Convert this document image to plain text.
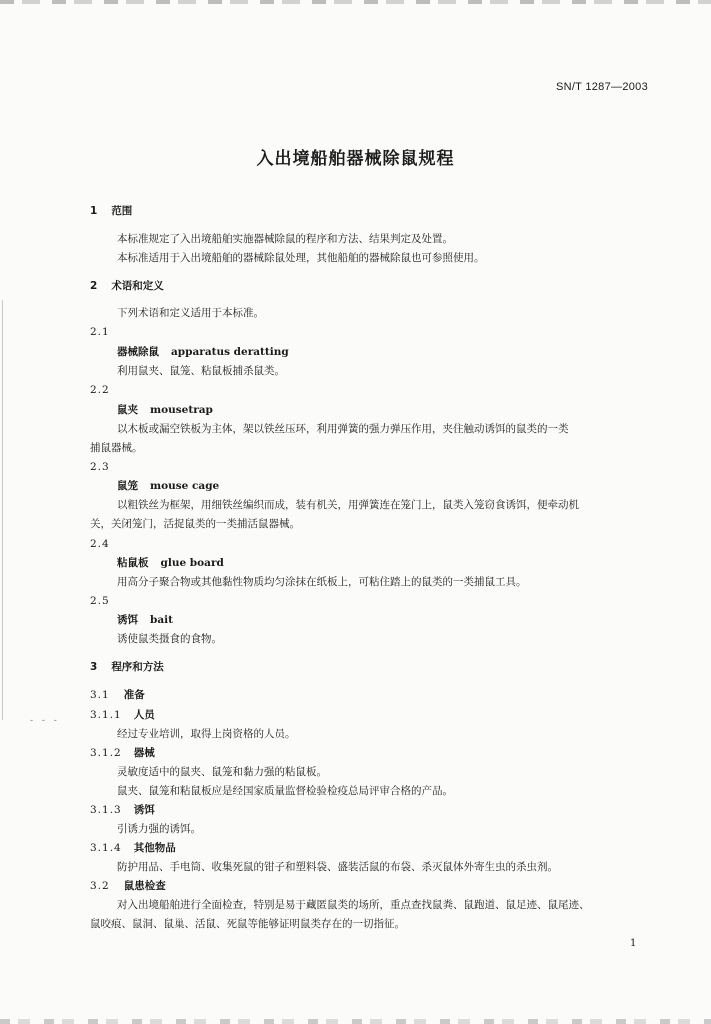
- - -
SN/T 1287—2003
入出境船舶器械除鼠规程
1 范围
本标准规定了入出境船舶实施器械除鼠的程序和方法、结果判定及处置。
本标准适用于入出境船舶的器械除鼠处理，其他船舶的器械除鼠也可参照使用。
2 术语和定义
下列术语和定义适用于本标准。
2.1
器械除鼠 apparatus deratting
利用鼠夹、鼠笼、粘鼠板捕杀鼠类。
2.2
鼠夹 mousetrap
以木板或漏空铁板为主体，架以铁丝压环，利用弹簧的强力弹压作用，夹住触动诱饵的鼠类的一类
捕鼠器械。
2.3
鼠笼 mouse cage
以粗铁丝为框架，用细铁丝编织而成，装有机关，用弹簧连在笼门上，鼠类入笼窃食诱饵，便牵动机
关，关闭笼门，活捉鼠类的一类捕活鼠器械。
2.4
粘鼠板 glue board
用高分子聚合物或其他黏性物质均匀涂抹在纸板上，可粘住踏上的鼠类的一类捕鼠工具。
2.5
诱饵 bait
诱使鼠类摄食的食物。
3 程序和方法
3.1 准备
3.1.1 人员
经过专业培训，取得上岗资格的人员。
3.1.2 器械
灵敏度适中的鼠夹、鼠笼和黏力强的粘鼠板。
鼠夹、鼠笼和粘鼠板应是经国家质量监督检验检疫总局评审合格的产品。
3.1.3 诱饵
引诱力强的诱饵。
3.1.4 其他物品
防护用品、手电筒、收集死鼠的钳子和塑料袋、盛装活鼠的布袋、杀灭鼠体外寄生虫的杀虫剂。
3.2 鼠患检查
对入出境船舶进行全面检查，特别是易于藏匿鼠类的场所，重点查找鼠粪、鼠跑道、鼠足迹、鼠尾迹、
鼠咬痕、鼠洞、鼠巢、活鼠、死鼠等能够证明鼠类存在的一切指征。
1
